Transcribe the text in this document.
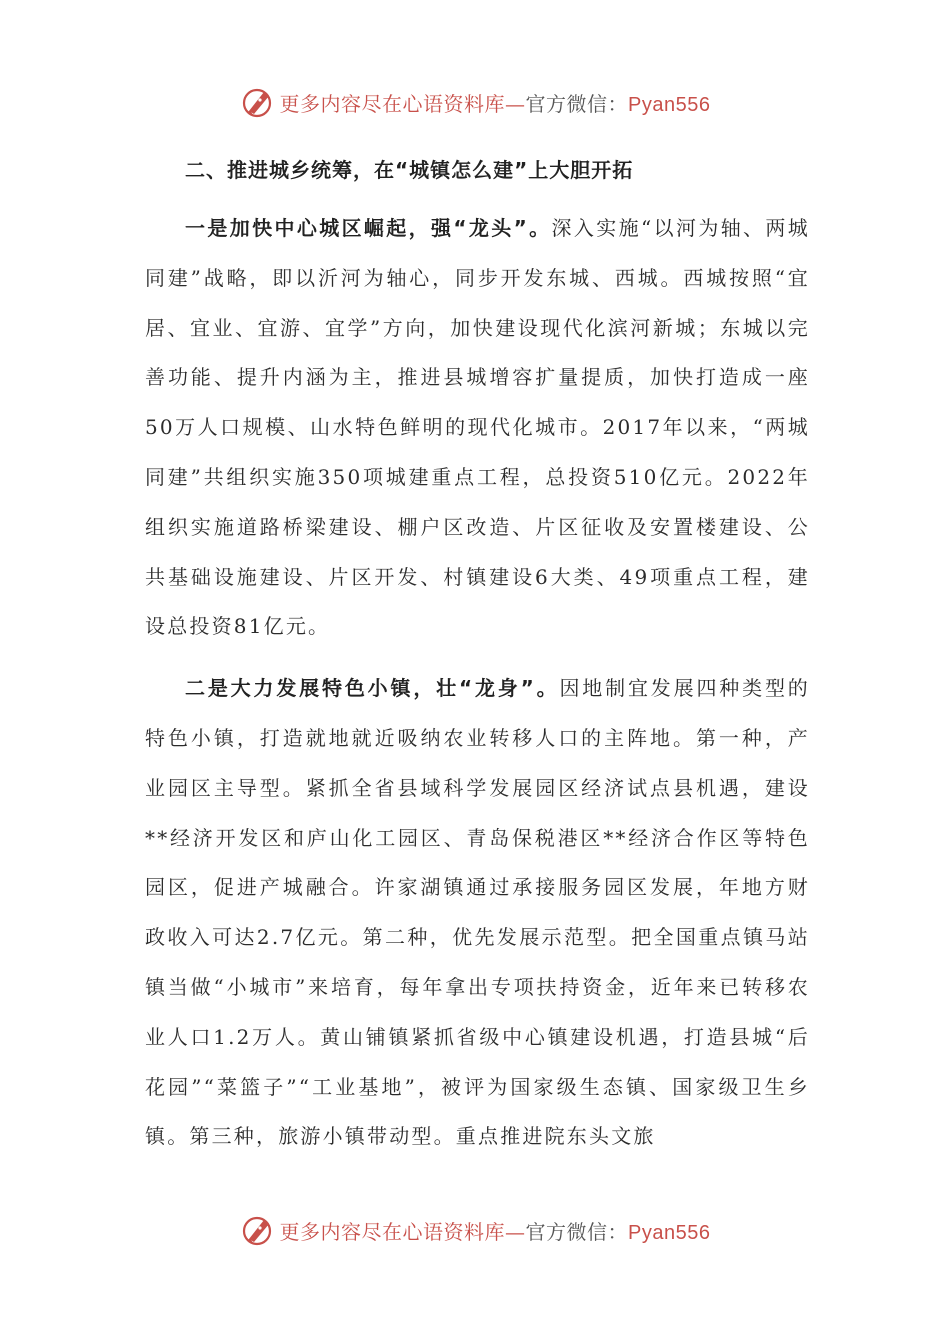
更多内容尽在心语资料库—官方微信：Pyan556
二、推进城乡统筹，在“城镇怎么建”上大胆开拓

一是加快中心城区崛起，强“龙头”。深入实施“以河为轴、两城同建”战略，即以沂河为轴心，同步开发东城、西城。西城按照“宜居、宜业、宜游、宜学”方向，加快建设现代化滨河新城；东城以完善功能、提升内涵为主，推进县城增容扩量提质，加快打造成一座50万人口规模、山水特色鲜明的现代化城市。2017年以来，“两城同建”共组织实施350项城建重点工程，总投资510亿元。2022年组织实施道路桥梁建设、棚户区改造、片区征收及安置楼建设、公共基础设施建设、片区开发、村镇建设6大类、49项重点工程，建设总投资81亿元。

二是大力发展特色小镇，壮“龙身”。因地制宜发展四种类型的特色小镇，打造就地就近吸纳农业转移人口的主阵地。第一种，产业园区主导型。紧抓全省县域科学发展园区经济试点县机遇，建设**经济开发区和庐山化工园区、青岛保税港区**经济合作区等特色园区，促进产城融合。许家湖镇通过承接服务园区发展，年地方财政收入可达2.7亿元。第二种，优先发展示范型。把全国重点镇马站镇当做“小城市”来培育，每年拿出专项扶持资金，近年来已转移农业人口1.2万人。黄山铺镇紧抓省级中心镇建设机遇，打造县城“后花园”“菜篮子”“工业基地”，被评为国家级生态镇、国家级卫生乡镇。第三种，旅游小镇带动型。重点推进院东头文旅

更多内容尽在心语资料库—官方微信：Pyan556
